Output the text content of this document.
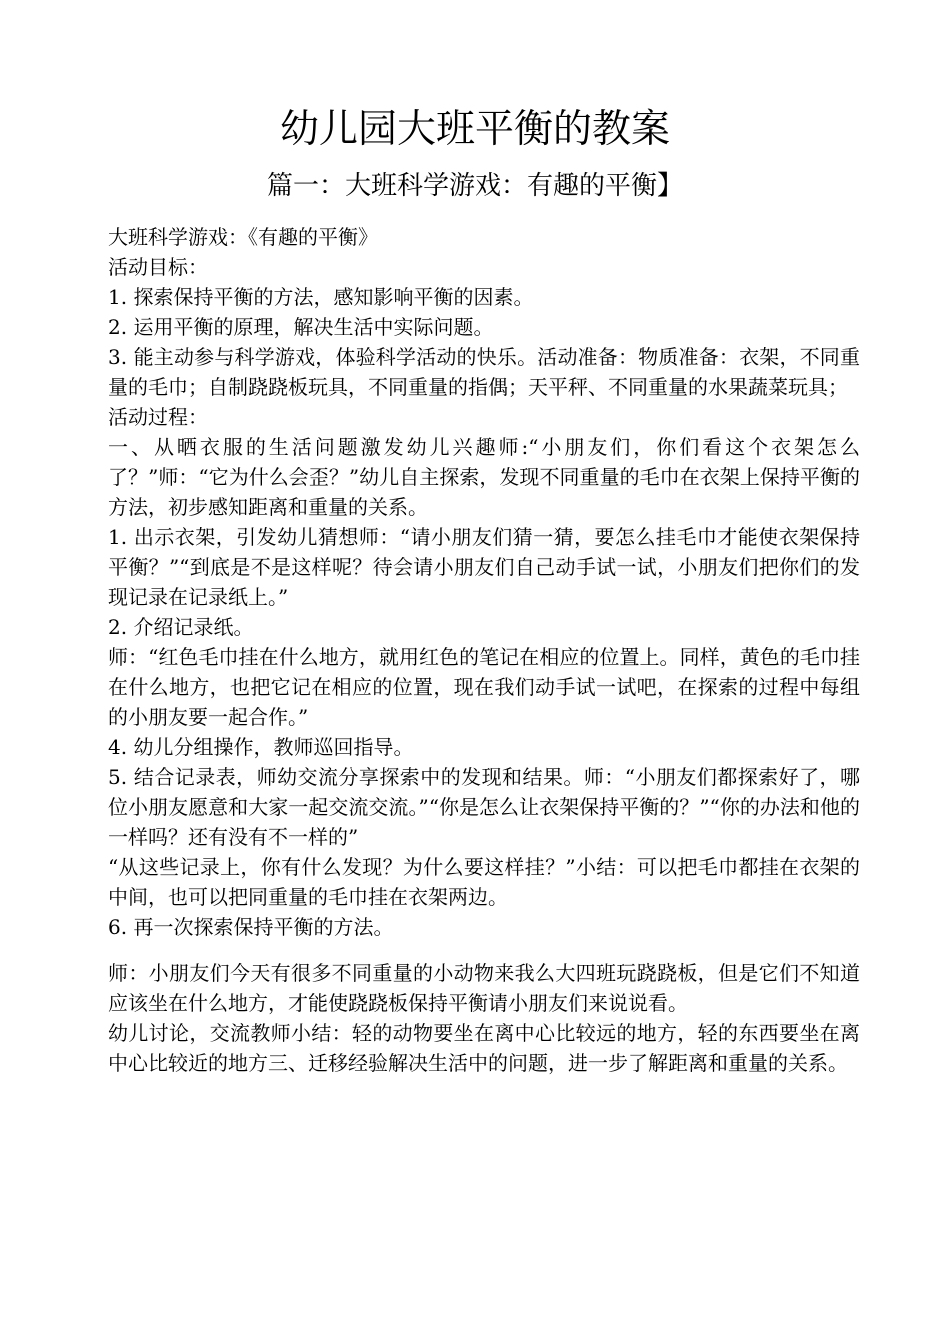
幼儿园大班平衡的教案
篇一：大班科学游戏：有趣的平衡】

大班科学游戏：《有趣的平衡》

活动目标：

1. 探索保持平衡的方法，感知影响平衡的因素。

2. 运用平衡的原理，解决生活中实际问题。

3. 能主动参与科学游戏，体验科学活动的快乐。活动准备：物质准备：衣架，不同重量的毛巾；自制跷跷板玩具，不同重量的指偶；天平秤、不同重量的水果蔬菜玩具；

活动过程：

一、从晒衣服的生活问题激发幼儿兴趣师:“小朋友们，你们看这个衣架怎么了？”师：“它为什么会歪？”幼儿自主探索，发现不同重量的毛巾在衣架上保持平衡的方法，初步感知距离和重量的关系。

1. 出示衣架，引发幼儿猜想师：“请小朋友们猜一猜，要怎么挂毛巾才能使衣架保持平衡？”“到底是不是这样呢？待会请小朋友们自己动手试一试，小朋友们把你们的发现记录在记录纸上。”

2. 介绍记录纸。

师：“红色毛巾挂在什么地方，就用红色的笔记在相应的位置上。同样，黄色的毛巾挂在什么地方，也把它记在相应的位置，现在我们动手试一试吧，在探索的过程中每组的小朋友要一起合作。”

4. 幼儿分组操作，教师巡回指导。

5. 结合记录表，师幼交流分享探索中的发现和结果。师：“小朋友们都探索好了，哪位小朋友愿意和大家一起交流交流。”“你是怎么让衣架保持平衡的？”“你的办法和他的一样吗？还有没有不一样的”

“从这些记录上，你有什么发现？为什么要这样挂？”小结：可以把毛巾都挂在衣架的中间，也可以把同重量的毛巾挂在衣架两边。

6. 再一次探索保持平衡的方法。

师：小朋友们今天有很多不同重量的小动物来我么大四班玩跷跷板，但是它们不知道应该坐在什么地方，才能使跷跷板保持平衡请小朋友们来说说看。

幼儿讨论，交流教师小结：轻的动物要坐在离中心比较远的地方，轻的东西要坐在离中心比较近的地方三、迁移经验解决生活中的问题，进一步了解距离和重量的关系。
